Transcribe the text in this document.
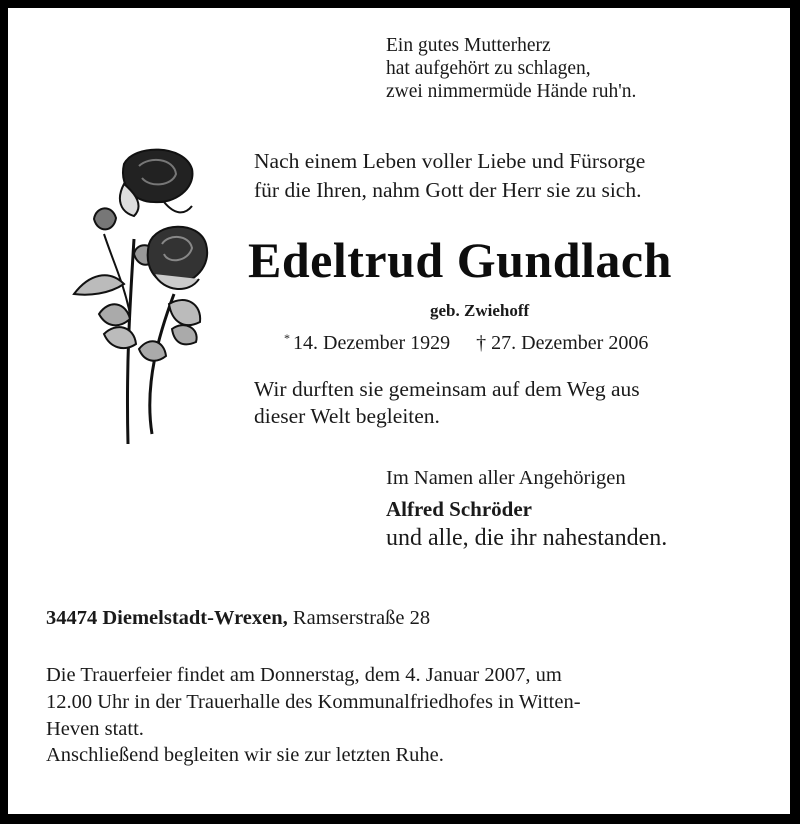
Ein gutes Mutterherz
hat aufgehört zu schlagen,
zwei nimmermüde Hände ruh'n.
Nach einem Leben voller Liebe und Fürsorge
für die Ihren, nahm Gott der Herr sie zu sich.
Edeltrud Gundlach
geb. Zwiehoff
* 14. Dezember 1929 † 27. Dezember 2006
Wir durften sie gemeinsam auf dem Weg aus
dieser Welt begleiten.
Im Namen aller Angehörigen
Alfred Schröder
und alle, die ihr nahestanden.
34474 Diemelstadt-Wrexen, Ramserstraße 28
Die Trauerfeier findet am Donnerstag, dem 4. Januar 2007, um
12.00 Uhr in der Trauerhalle des Kommunalfriedhofes in Witten-
Heven statt.
Anschließend begleiten wir sie zur letzten Ruhe.
